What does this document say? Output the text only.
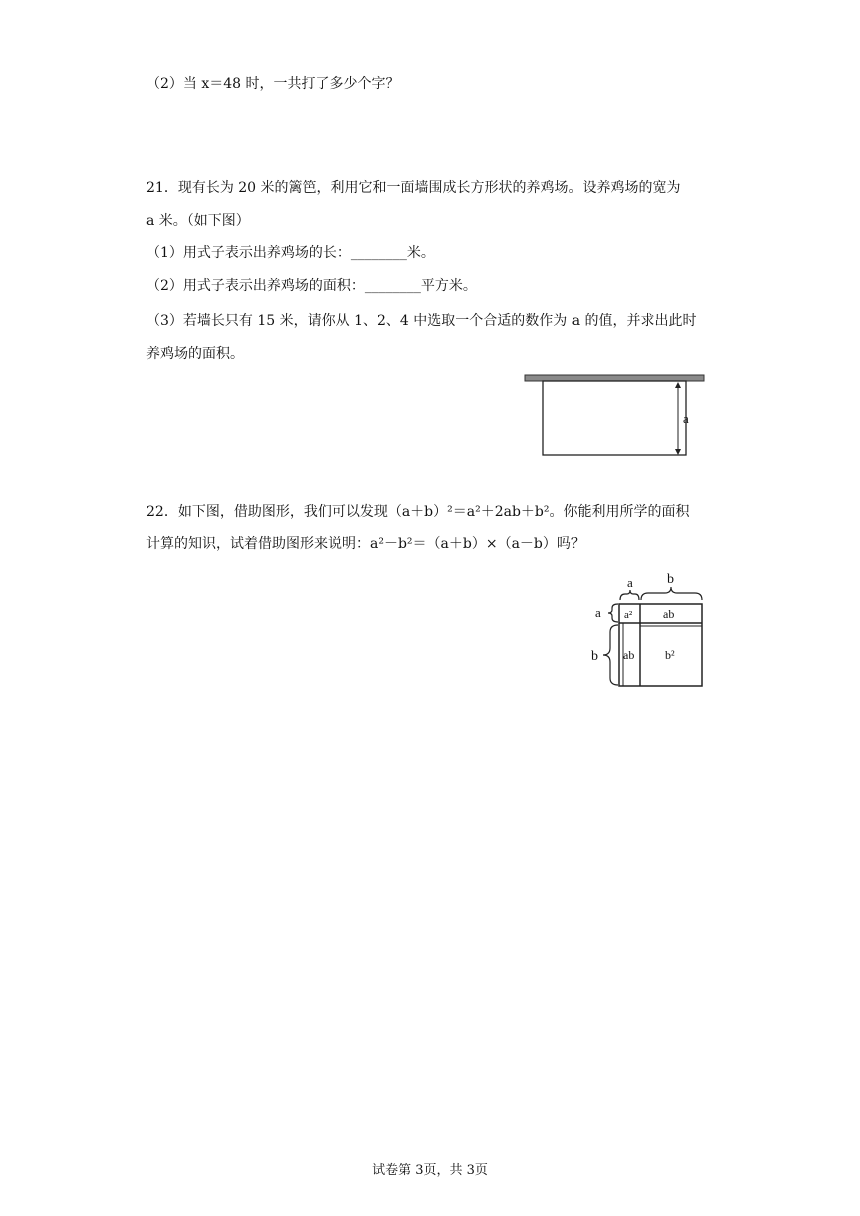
（2）当 x＝48 时，一共打了多少个字？
21．现有长为 20 米的篱笆，利用它和一面墙围成长方形状的养鸡场。设养鸡场的宽为
a 米。（如下图）
（1）用式子表示出养鸡场的长：________米。
（2）用式子表示出养鸡场的面积：________平方米。
（3）若墙长只有 15 米，请你从 1、2、4 中选取一个合适的数作为 a 的值，并求出此时
养鸡场的面积。
a
22．如下图，借助图形，我们可以发现（a＋b）²＝a²＋2ab＋b²。你能利用所学的面积
计算的知识，试着借助图形来说明：a²－b²＝（a＋b）×（a－b）吗？
a b
a
b
a²	ab
ab	b²
试卷第 3页，共 3页
